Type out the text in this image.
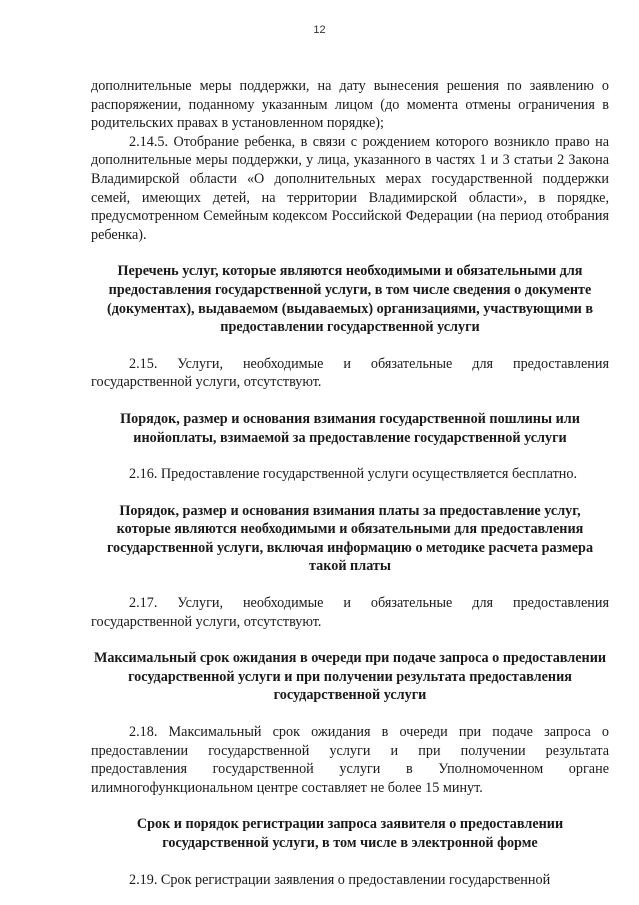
12

дополнительные меры поддержки, на дату вынесения решения по заявлению о распоряжении, поданному указанным лицом (до момента отмены ограничения в родительских правах в установленном порядке);

2.14.5. Отобрание ребенка, в связи с рождением которого возникло право на дополнительные меры поддержки, у лица, указанного в частях 1 и 3 статьи 2 Закона Владимирской области «О дополнительных мерах государственной поддержки семей, имеющих детей, на территории Владимирской области», в порядке, предусмотренном Семейным кодексом Российской Федерации (на период отобрания ребенка).

Перечень услуг, которые являются необходимыми и обязательными для предоставления государственной услуги, в том числе сведения о документе (документах), выдаваемом (выдаваемых) организациями, участвующими в предоставлении государственной услуги

2.15. Услуги, необходимые и обязательные для предоставления государственной услуги, отсутствуют.

Порядок, размер и основания взимания государственной пошлины или инойоплаты, взимаемой за предоставление государственной услуги

2.16. Предоставление государственной услуги осуществляется бесплатно.

Порядок, размер и основания взимания платы за предоставление услуг, которые являются необходимыми и обязательными для предоставления государственной услуги, включая информацию о методике расчета размера такой платы

2.17. Услуги, необходимые и обязательные для предоставления государственной услуги, отсутствуют.

Максимальный срок ожидания в очереди при подаче запроса о предоставлении государственной услуги и при получении результата предоставления государственной услуги

2.18. Максимальный срок ожидания в очереди при подаче запроса о предоставлении государственной услуги и при получении результата предоставления государственной услуги в Уполномоченном органе илимногофункциональном центре составляет не более 15 минут.

Срок и порядок регистрации запроса заявителя о предоставлении государственной услуги, в том числе в электронной форме

2.19. Срок регистрации заявления о предоставлении государственной
